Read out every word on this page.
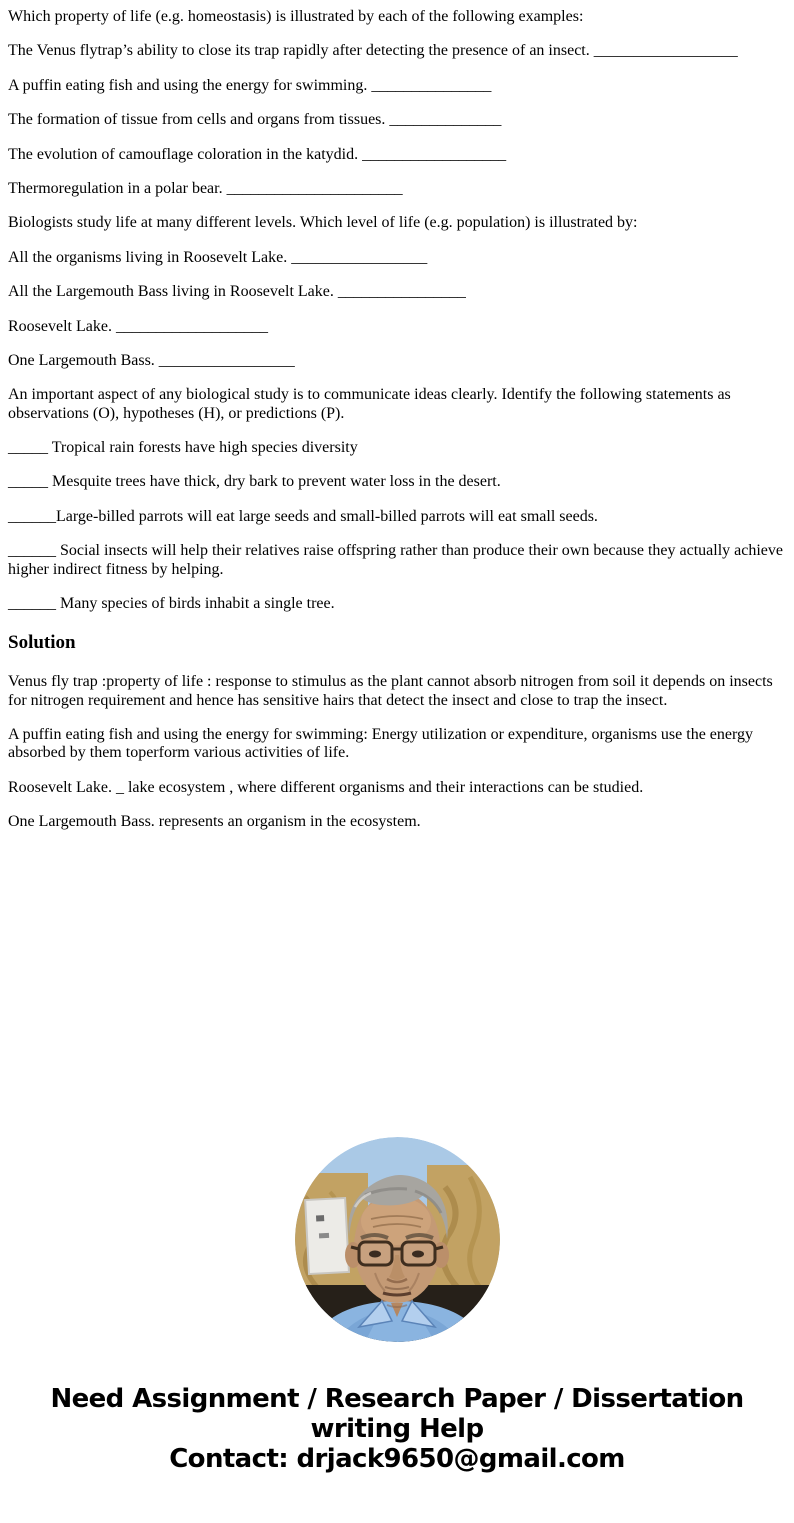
Which property of life (e.g. homeostasis) is illustrated by each of the following examples:

The Venus flytrap’s ability to close its trap rapidly after detecting the presence of an insect. __________________

A puffin eating fish and using the energy for swimming. _______________

The formation of tissue from cells and organs from tissues. ______________

The evolution of camouflage coloration in the katydid. __________________

Thermoregulation in a polar bear. ______________________

Biologists study life at many different levels. Which level of life (e.g. population) is illustrated by:

All the organisms living in Roosevelt Lake. _________________

All the Largemouth Bass living in Roosevelt Lake. ________________

Roosevelt Lake. ___________________

One Largemouth Bass. _________________

An important aspect of any biological study is to communicate ideas clearly. Identify the following statements as observations (O), hypotheses (H), or predictions (P).

_____ Tropical rain forests have high species diversity

_____ Mesquite trees have thick, dry bark to prevent water loss in the desert.

______Large-billed parrots will eat large seeds and small-billed parrots will eat small seeds.

______ Social insects will help their relatives raise offspring rather than produce their own because they actually achieve higher indirect fitness by helping.

______ Many species of birds inhabit a single tree.

Solution

Venus fly trap :property of life : response to stimulus as the plant cannot absorb nitrogen from soil it depends on insects for nitrogen requirement and hence has sensitive hairs that detect the insect and close to trap the insect.

A puffin eating fish and using the energy for swimming: Energy utilization or expenditure, organisms use the energy absorbed by them toperform various activities of life.

Roosevelt Lake. _ lake ecosystem , where different organisms and their interactions can be studied.

One Largemouth Bass. represents an organism in the ecosystem.

Need Assignment / Research Paper / Dissertation
writing Help
Contact: drjack9650@gmail.com
